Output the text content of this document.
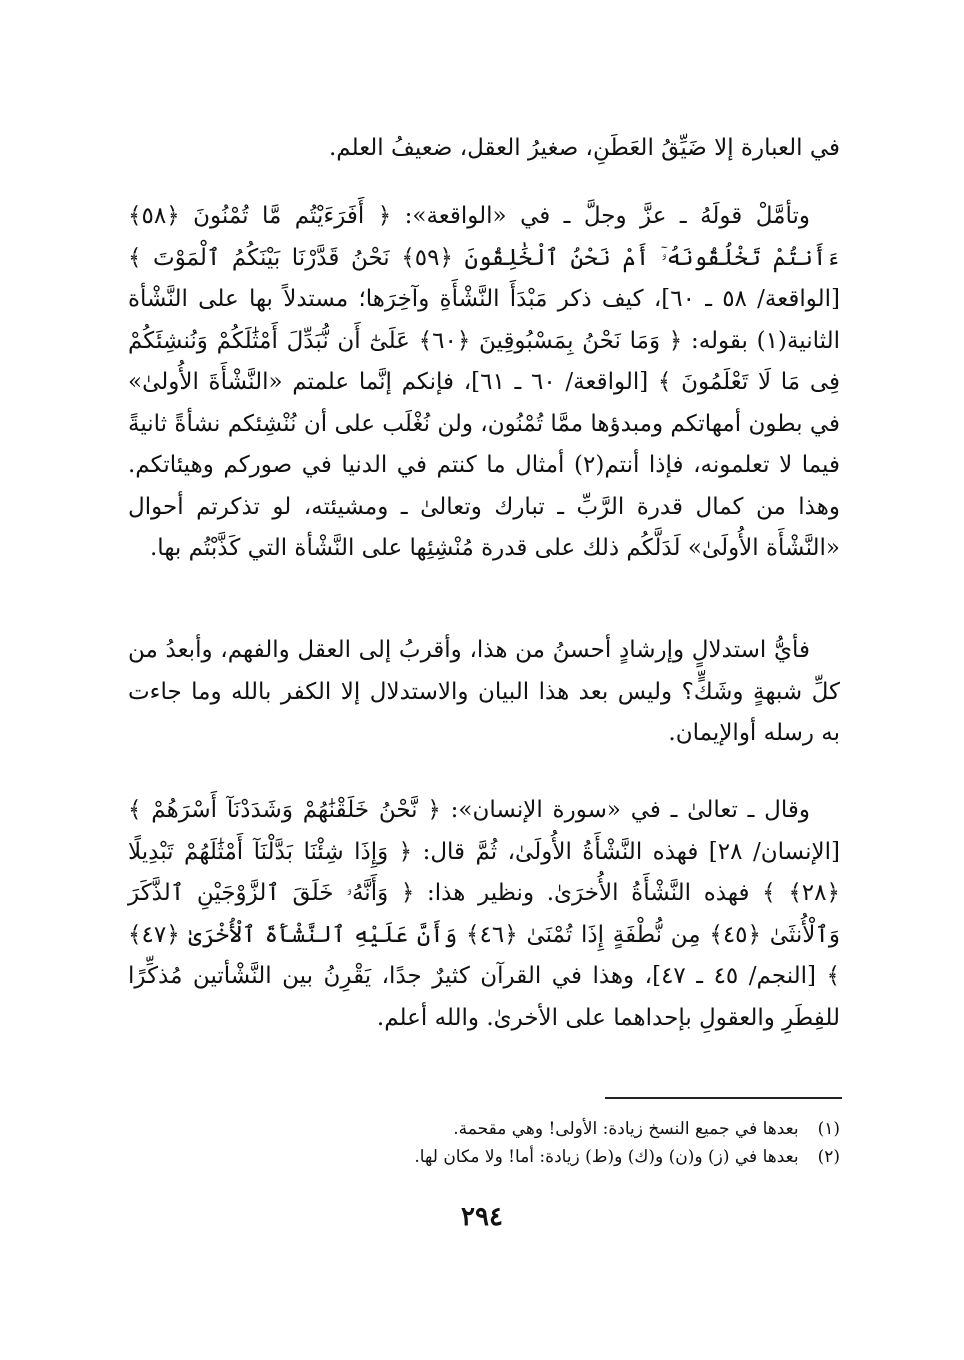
في العبارة إلا ضَيِّقُ العَطَنِ، صغيرُ العقل، ضعيفُ العلم.

وتأمَّلْ قولَهُ ـ عزَّ وجلَّ ـ في «الواقعة»: ﴿ أَفَرَءَيْتُم مَّا تُمْنُونَ ﴿٥٨﴾ ءَأَنتُمْ تَخْلُقُونَهُۥٓ أَمْ نَحْنُ ٱلْخَٰلِقُونَ ﴿٥٩﴾ نَحْنُ قَدَّرْنَا بَيْنَكُمُ ٱلْمَوْتَ ﴾ [الواقعة/ ٥٨ ـ ٦٠]، كيف ذكر مَبْدَأَ النَّشْأَةِ وآخِرَها؛ مستدلاً بها على النَّشْأة الثانية(١) بقوله: ﴿ وَمَا نَحْنُ بِمَسْبُوقِينَ ﴿٦٠﴾ عَلَىٰٓ أَن نُّبَدِّلَ أَمْثَٰلَكُمْ وَنُنشِئَكُمْ فِى مَا لَا تَعْلَمُونَ ﴾ [الواقعة/ ٦٠ ـ ٦١]، فإنكم إنَّما علمتم «النَّشْأَةَ الأُولىٰ» في بطون أمهاتكم ومبدؤها ممَّا تُمْنُون، ولن نُغْلَب على أن نُنْشِئكم نشأةً ثانيةً فيما لا تعلمونه، فإذا أنتم(٢) أمثال ما كنتم في الدنيا في صوركم وهيئاتكم. وهذا من كمال قدرة الرَّبِّ ـ تبارك وتعالىٰ ـ ومشيئته، لو تذكرتم أحوال «النَّشْأَة الأُولَىٰ» لَدَلَّكُم ذلك على قدرة مُنْشِئِها على النَّشْأة التي كَذَّبْتُم بها.

فأيُّ استدلالٍ وإرشادٍ أحسنُ من هذا، وأقربُ إلى العقل والفهم، وأبعدُ من كلِّ شبهةٍ وشَكٍّ؟ وليس بعد هذا البيان والاستدلال إلا الكفر بالله وما جاءت به رسله أوالإيمان.

وقال ـ تعالىٰ ـ في «سورة الإنسان»: ﴿ نَّحْنُ خَلَقْنَٰهُمْ وَشَدَدْنَآ أَسْرَهُمْ ﴾ [الإنسان/ ٢٨] فهذه النَّشْأَةُ الأُولَىٰ، ثُمَّ قال: ﴿ وَإِذَا شِئْنَا بَدَّلْنَآ أَمْثَٰلَهُمْ تَبْدِيلًا ﴿٢٨﴾ ﴾ فهذه النَّشْأَةُ الأُخرَىٰ. ونظير هذا: ﴿ وَأَنَّهُۥ خَلَقَ ٱلزَّوْجَيْنِ ٱلذَّكَرَ وَٱلْأُنثَىٰ ﴿٤٥﴾ مِن نُّطْفَةٍ إِذَا تُمْنَىٰ ﴿٤٦﴾ وَأَنَّ عَلَيْهِ ٱلنَّشْأَةَ ٱلْأُخْرَىٰ ﴿٤٧﴾ ﴾ [النجم/ ٤٥ ـ ٤٧]، وهذا في القرآن كثيرٌ جدًا، يَقْرِنُ بين النَّشْأتين مُذكِّرًا للفِطَرِ والعقولِ بإحداهما على الأخرىٰ. والله أعلم.

(١) بعدها في جميع النسخ زيادة: الأولى! وهي مقحمة.
(٢) بعدها في (ز) و(ن) و(ك) و(ط) زيادة: أما! ولا مكان لها.
٢٩٤
